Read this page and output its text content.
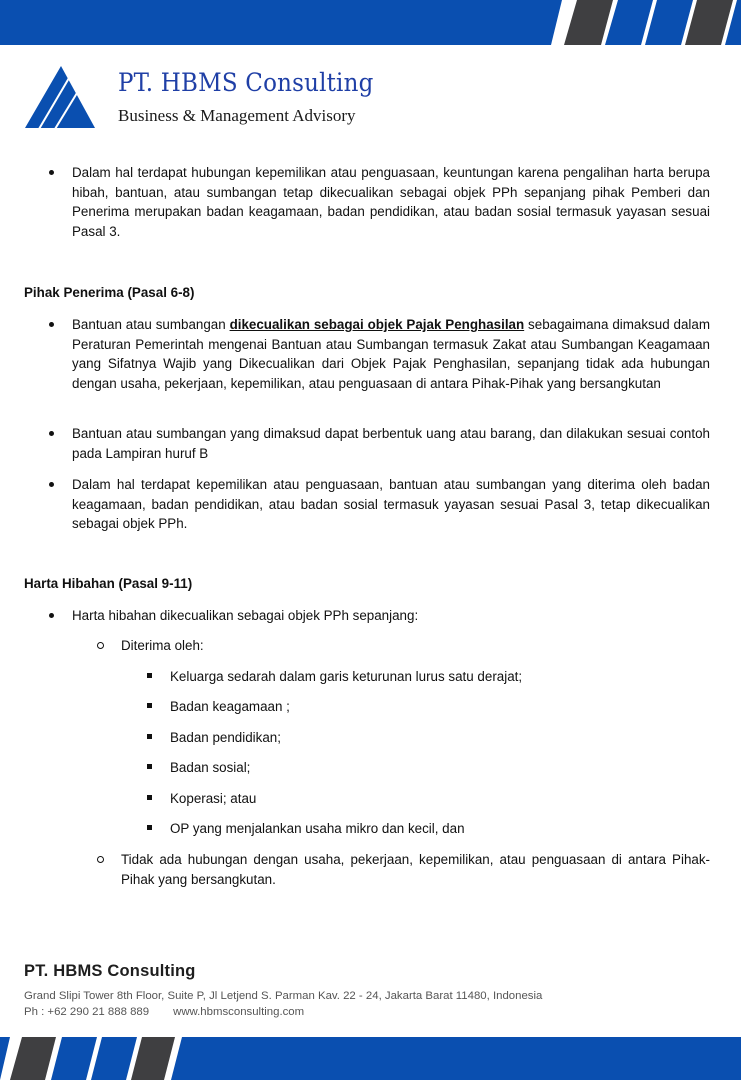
PT. HBMS Consulting
Business & Management Advisory
Dalam hal terdapat hubungan kepemilikan atau penguasaan, keuntungan karena pengalihan harta berupa hibah, bantuan, atau sumbangan tetap dikecualikan sebagai objek PPh sepanjang pihak Pemberi dan Penerima merupakan badan keagamaan, badan pendidikan, atau badan sosial termasuk yayasan sesuai Pasal 3.
Pihak Penerima (Pasal 6-8)
Bantuan atau sumbangan dikecualikan sebagai objek Pajak Penghasilan sebagaimana dimaksud dalam Peraturan Pemerintah mengenai Bantuan atau Sumbangan termasuk Zakat atau Sumbangan Keagamaan yang Sifatnya Wajib yang Dikecualikan dari Objek Pajak Penghasilan, sepanjang tidak ada hubungan dengan usaha, pekerjaan, kepemilikan, atau penguasaan di antara Pihak-Pihak yang bersangkutan
Bantuan atau sumbangan yang dimaksud dapat berbentuk uang atau barang, dan dilakukan sesuai contoh pada Lampiran huruf B
Dalam hal terdapat kepemilikan atau penguasaan, bantuan atau sumbangan yang diterima oleh badan keagamaan, badan pendidikan, atau badan sosial termasuk yayasan sesuai Pasal 3, tetap dikecualikan sebagai objek PPh.
Harta Hibahan (Pasal 9-11)
Harta hibahan dikecualikan sebagai objek PPh sepanjang:
Diterima oleh:
Keluarga sedarah dalam garis keturunan lurus satu derajat;
Badan keagamaan ;
Badan pendidikan;
Badan sosial;
Koperasi; atau
OP yang menjalankan usaha mikro dan kecil, dan
Tidak ada hubungan dengan usaha, pekerjaan, kepemilikan, atau penguasaan di antara Pihak-Pihak yang bersangkutan.
PT. HBMS Consulting
Grand Slipi Tower 8th Floor, Suite P, Jl Letjend S. Parman Kav. 22 - 24, Jakarta Barat 11480, Indonesia
Ph : +62 290 21 888 889 www.hbmsconsulting.com
